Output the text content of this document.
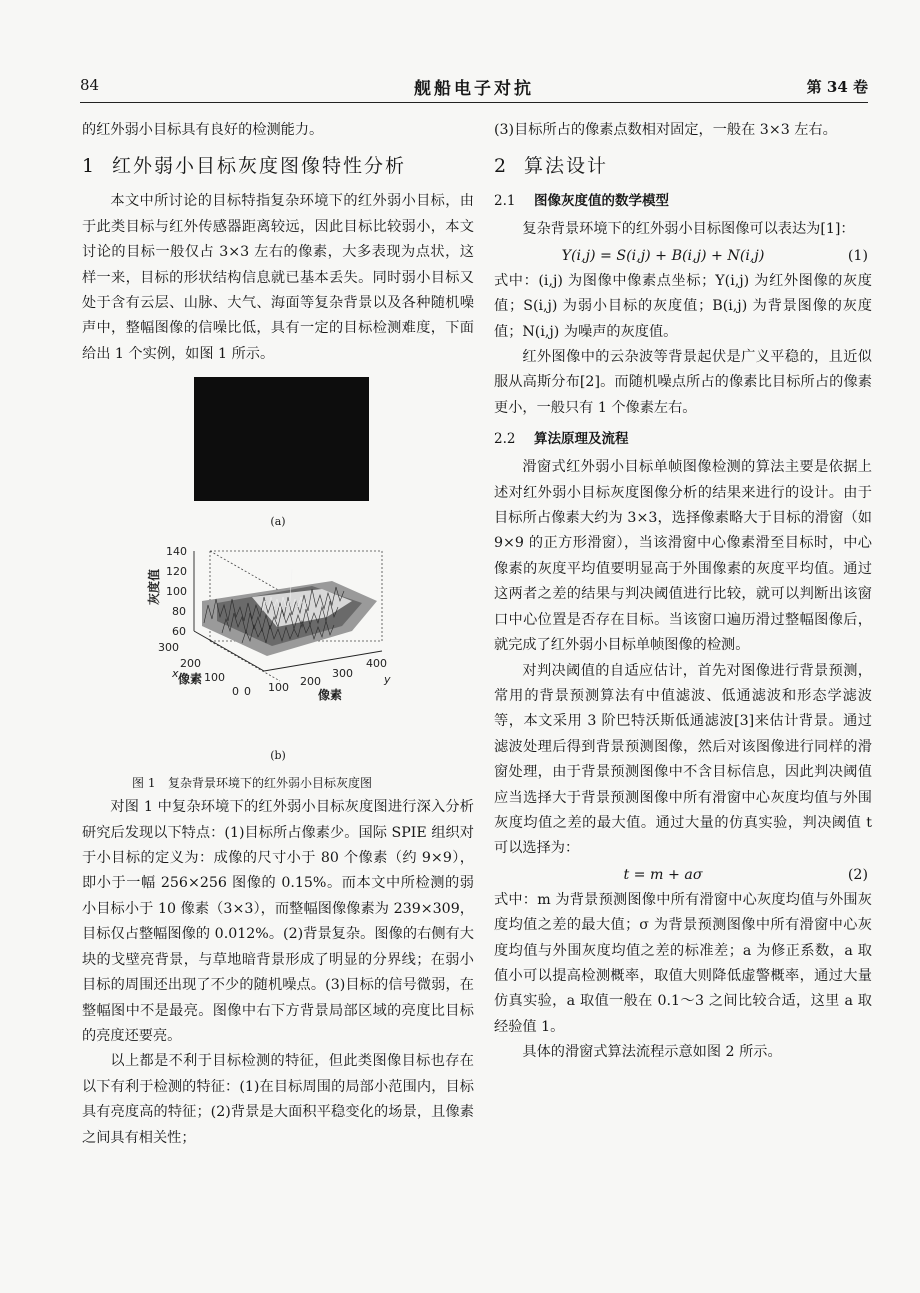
84	舰船电子对抗	第 34 卷

的红外弱小目标具有良好的检测能力。

1 红外弱小目标灰度图像特性分析

本文中所讨论的目标特指复杂环境下的红外弱小目标，由于此类目标与红外传感器距离较远，因此目标比较弱小，本文讨论的目标一般仅占 3×3 左右的像素，大多表现为点状，这样一来，目标的形状结构信息就已基本丢失。同时弱小目标又处于含有云层、山脉、大气、海面等复杂背景以及各种随机噪声中，整幅图像的信噪比低，具有一定的目标检测难度，下面给出 1 个实例，如图 1 所示。

(a)
140
120
100
80
60
300
200
100
0 0 100 200
300
400
x	y
像素
像素
灰度值
(b)
图 1 复杂背景环境下的红外弱小目标灰度图

对图 1 中复杂环境下的红外弱小目标灰度图进行深入分析研究后发现以下特点：(1)目标所占像素少。国际 SPIE 组织对于小目标的定义为：成像的尺寸小于 80 个像素（约 9×9），即小于一幅 256×256 图像的 0.15%。而本文中所检测的弱小目标小于 10 像素（3×3），而整幅图像像素为 239×309，目标仅占整幅图像的 0.012%。(2)背景复杂。图像的右侧有大块的戈壁亮背景，与草地暗背景形成了明显的分界线；在弱小目标的周围还出现了不少的随机噪点。(3)目标的信号微弱，在整幅图中不是最亮。图像中右下方背景局部区域的亮度比目标的亮度还要亮。

以上都是不利于目标检测的特征，但此类图像目标也存在以下有利于检测的特征：(1)在目标周围的局部小范围内，目标具有亮度高的特征；(2)背景是大面积平稳变化的场景，且像素之间具有相关性；

(3)目标所占的像素点数相对固定，一般在 3×3 左右。

2 算法设计
2.1 图像灰度值的数学模型

复杂背景环境下的红外弱小目标图像可以表达为[1]：

Y(i,j) = S(i,j) + B(i,j) + N(i,j)	(1)

式中：(i,j) 为图像中像素点坐标；Y(i,j) 为红外图像的灰度值；S(i,j) 为弱小目标的灰度值；B(i,j) 为背景图像的灰度值；N(i,j) 为噪声的灰度值。

红外图像中的云杂波等背景起伏是广义平稳的，且近似服从高斯分布[2]。而随机噪点所占的像素比目标所占的像素更小，一般只有 1 个像素左右。

2.2 算法原理及流程

滑窗式红外弱小目标单帧图像检测的算法主要是依据上述对红外弱小目标灰度图像分析的结果来进行的设计。由于目标所占像素大约为 3×3，选择像素略大于目标的滑窗（如 9×9 的正方形滑窗），当该滑窗中心像素滑至目标时，中心像素的灰度平均值要明显高于外围像素的灰度平均值。通过这两者之差的结果与判决阈值进行比较，就可以判断出该窗口中心位置是否存在目标。当该窗口遍历滑过整幅图像后，就完成了红外弱小目标单帧图像的检测。

对判决阈值的自适应估计，首先对图像进行背景预测，常用的背景预测算法有中值滤波、低通滤波和形态学滤波等，本文采用 3 阶巴特沃斯低通滤波[3]来估计背景。通过滤波处理后得到背景预测图像，然后对该图像进行同样的滑窗处理，由于背景预测图像中不含目标信息，因此判决阈值应当选择大于背景预测图像中所有滑窗中心灰度均值与外围灰度均值之差的最大值。通过大量的仿真实验，判决阈值 t 可以选择为：

t = m + aσ	(2)

式中：m 为背景预测图像中所有滑窗中心灰度均值与外围灰度均值之差的最大值；σ 为背景预测图像中所有滑窗中心灰度均值与外围灰度均值之差的标准差；a 为修正系数，a 取值小可以提高检测概率，取值大则降低虚警概率，通过大量仿真实验，a 取值一般在 0.1～3 之间比较合适，这里 a 取经验值 1。

具体的滑窗式算法流程示意如图 2 所示。
